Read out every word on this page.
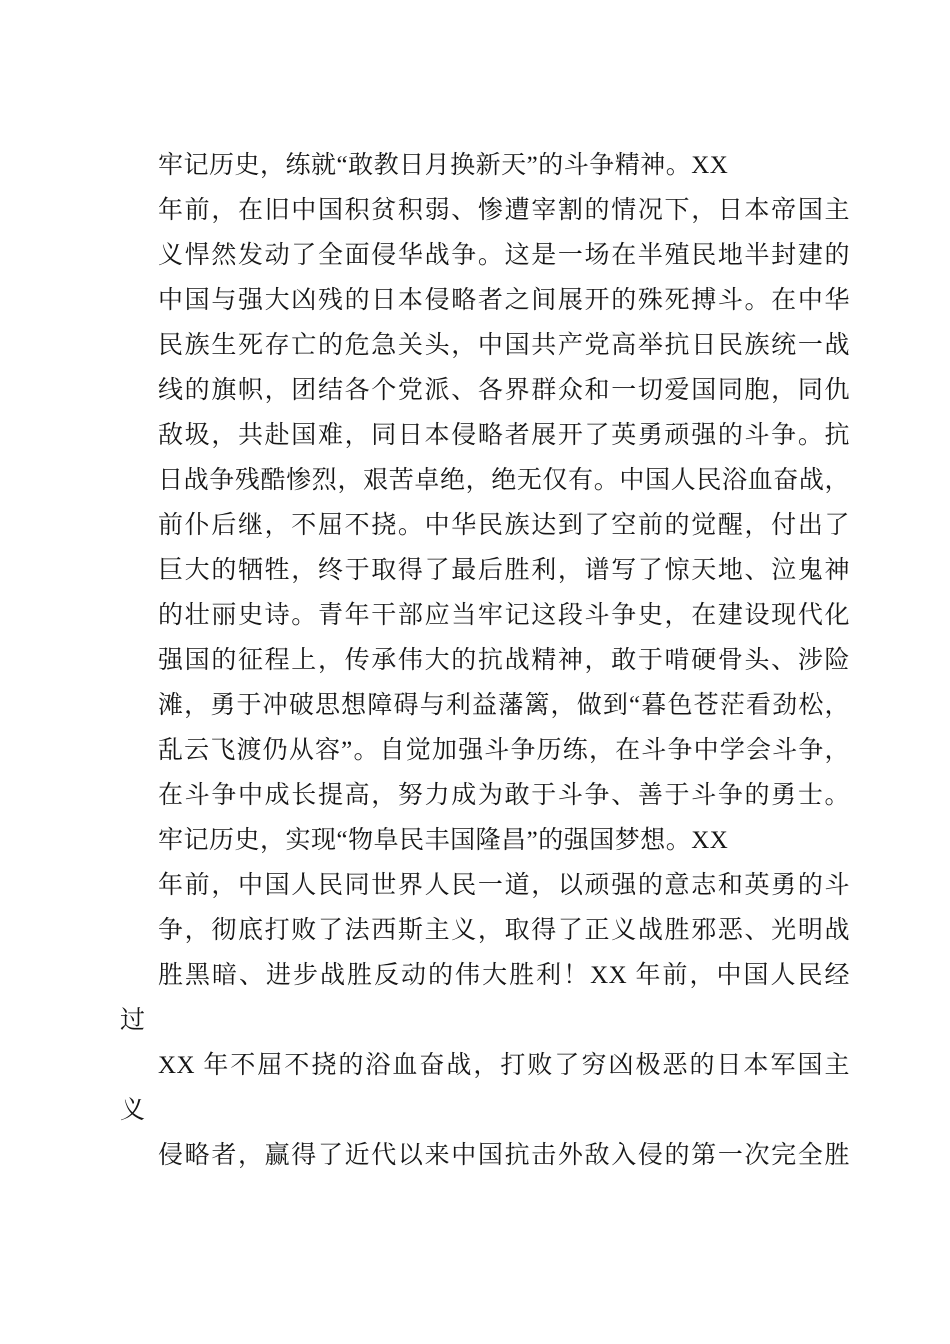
牢记历史，练就“敢教日月换新天”的斗争精神。XX
年前，在旧中国积贫积弱、惨遭宰割的情况下，日本帝国主
义悍然发动了全面侵华战争。这是一场在半殖民地半封建的
中国与强大凶残的日本侵略者之间展开的殊死搏斗。在中华
民族生死存亡的危急关头，中国共产党高举抗日民族统一战
线的旗帜，团结各个党派、各界群众和一切爱国同胞，同仇
敌圾，共赴国难，同日本侵略者展开了英勇顽强的斗争。抗
日战争残酷惨烈，艰苦卓绝，绝无仅有。中国人民浴血奋战，
前仆后继，不屈不挠。中华民族达到了空前的觉醒，付出了
巨大的牺牲，终于取得了最后胜利，谱写了惊天地、泣鬼神
的壮丽史诗。青年干部应当牢记这段斗争史，在建设现代化
强国的征程上，传承伟大的抗战精神，敢于啃硬骨头、涉险
滩，勇于冲破思想障碍与利益藩篱，做到“暮色苍茫看劲松，
乱云飞渡仍从容”。自觉加强斗争历练，在斗争中学会斗争，
在斗争中成长提高，努力成为敢于斗争、善于斗争的勇士。
牢记历史，实现“物阜民丰国隆昌”的强国梦想。XX
年前，中国人民同世界人民一道，以顽强的意志和英勇的斗
争，彻底打败了法西斯主义，取得了正义战胜邪恶、光明战
胜黑暗、进步战胜反动的伟大胜利！XX 年前，中国人民经
过
XX 年不屈不挠的浴血奋战，打败了穷凶极恶的日本军国主
义
侵略者，赢得了近代以来中国抗击外敌入侵的第一次完全胜
